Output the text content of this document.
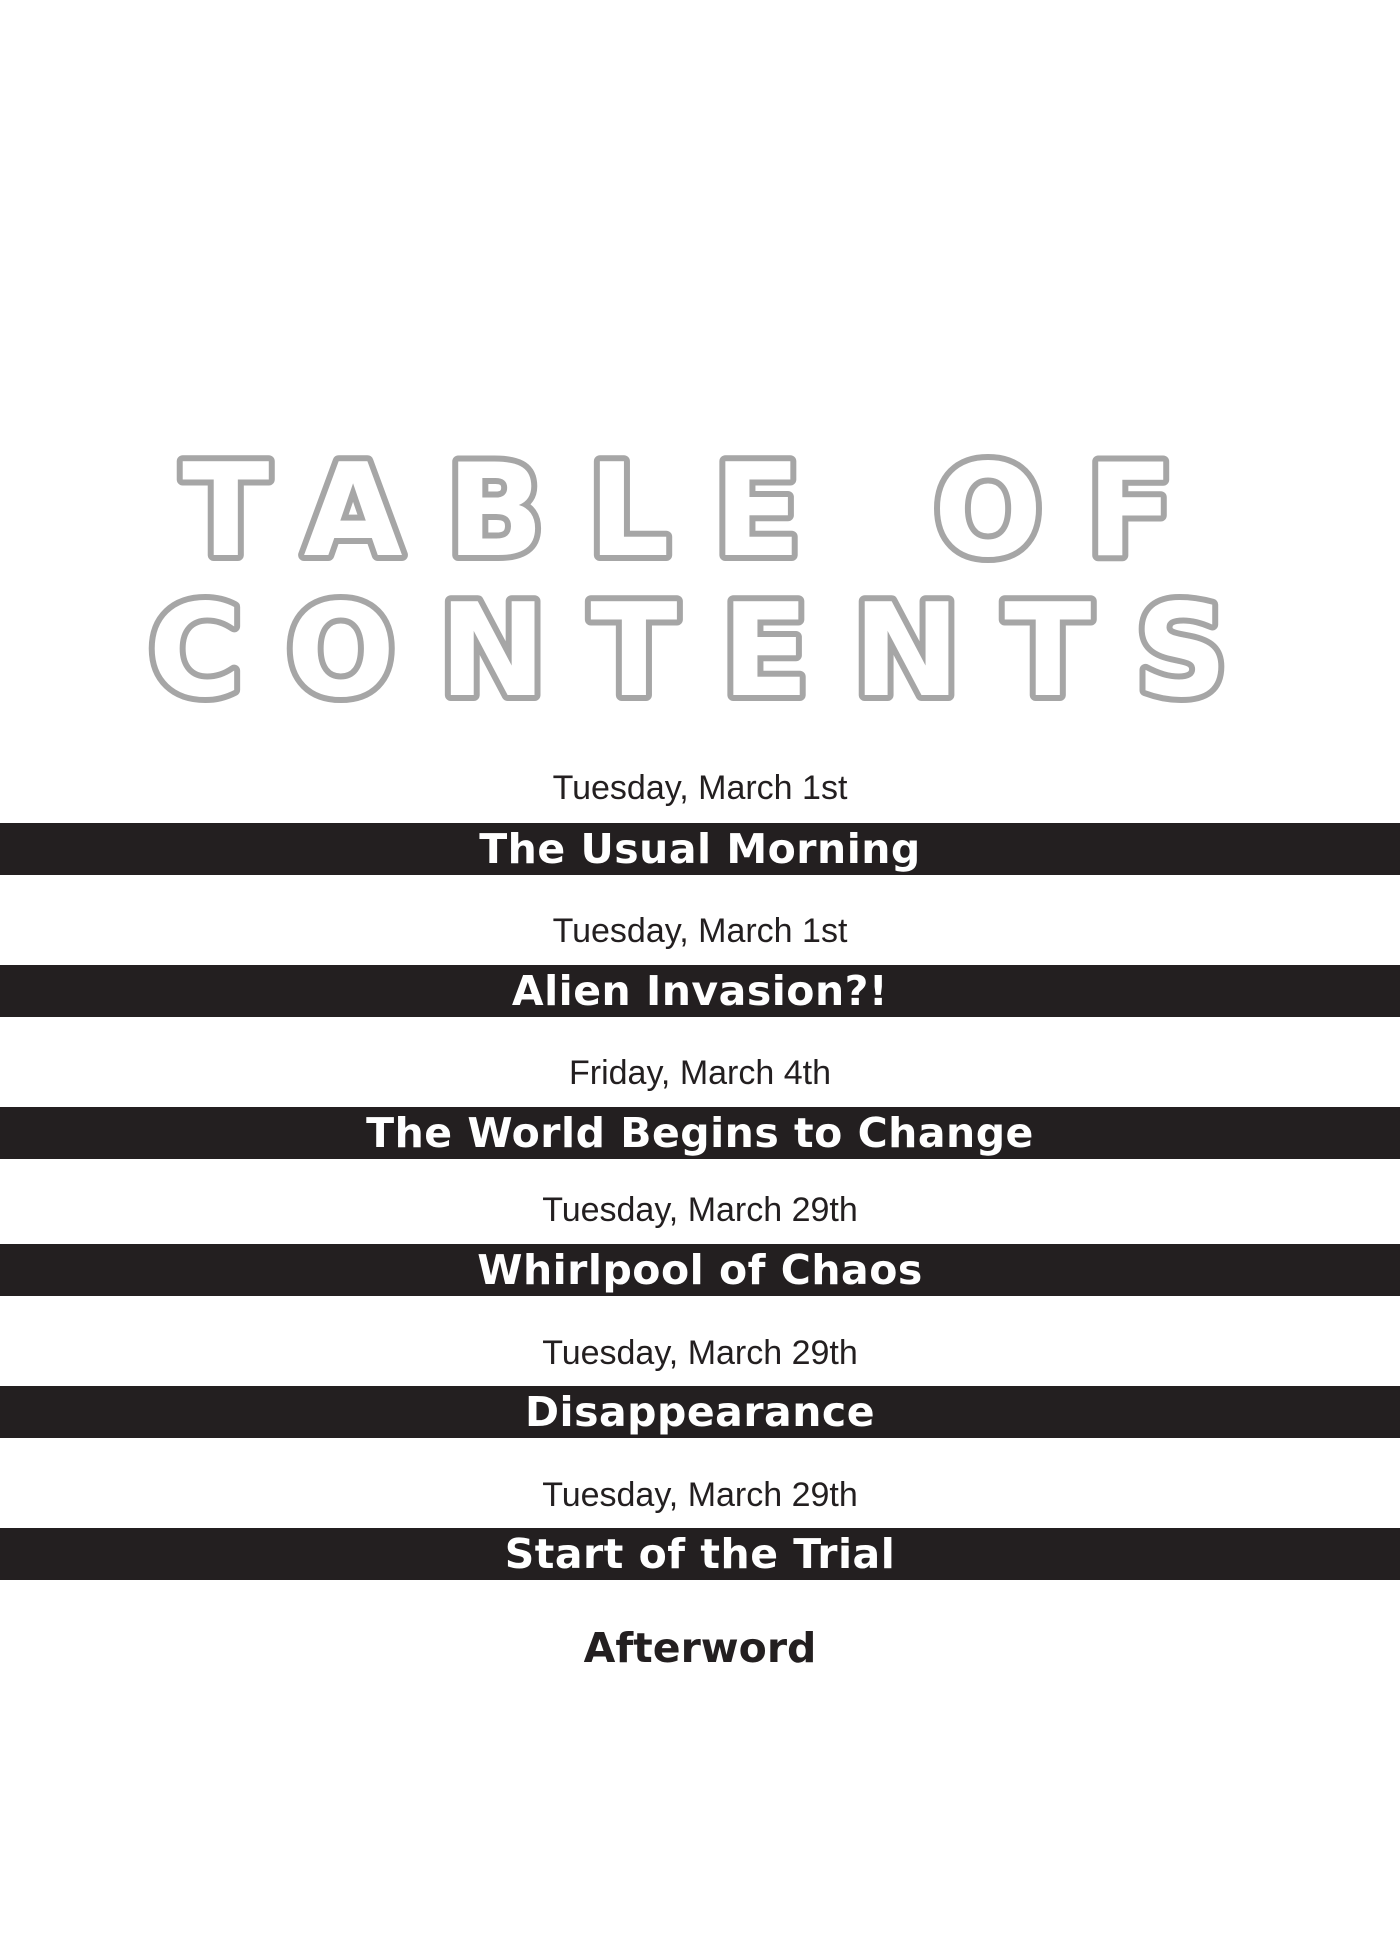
TABLE OF
CONTENTS
Tuesday, March 1st
The Usual Morning
Tuesday, March 1st
Alien Invasion?!
Friday, March 4th
The World Begins to Change
Tuesday, March 29th
Whirlpool of Chaos
Tuesday, March 29th
Disappearance
Tuesday, March 29th
Start of the Trial
Afterword
